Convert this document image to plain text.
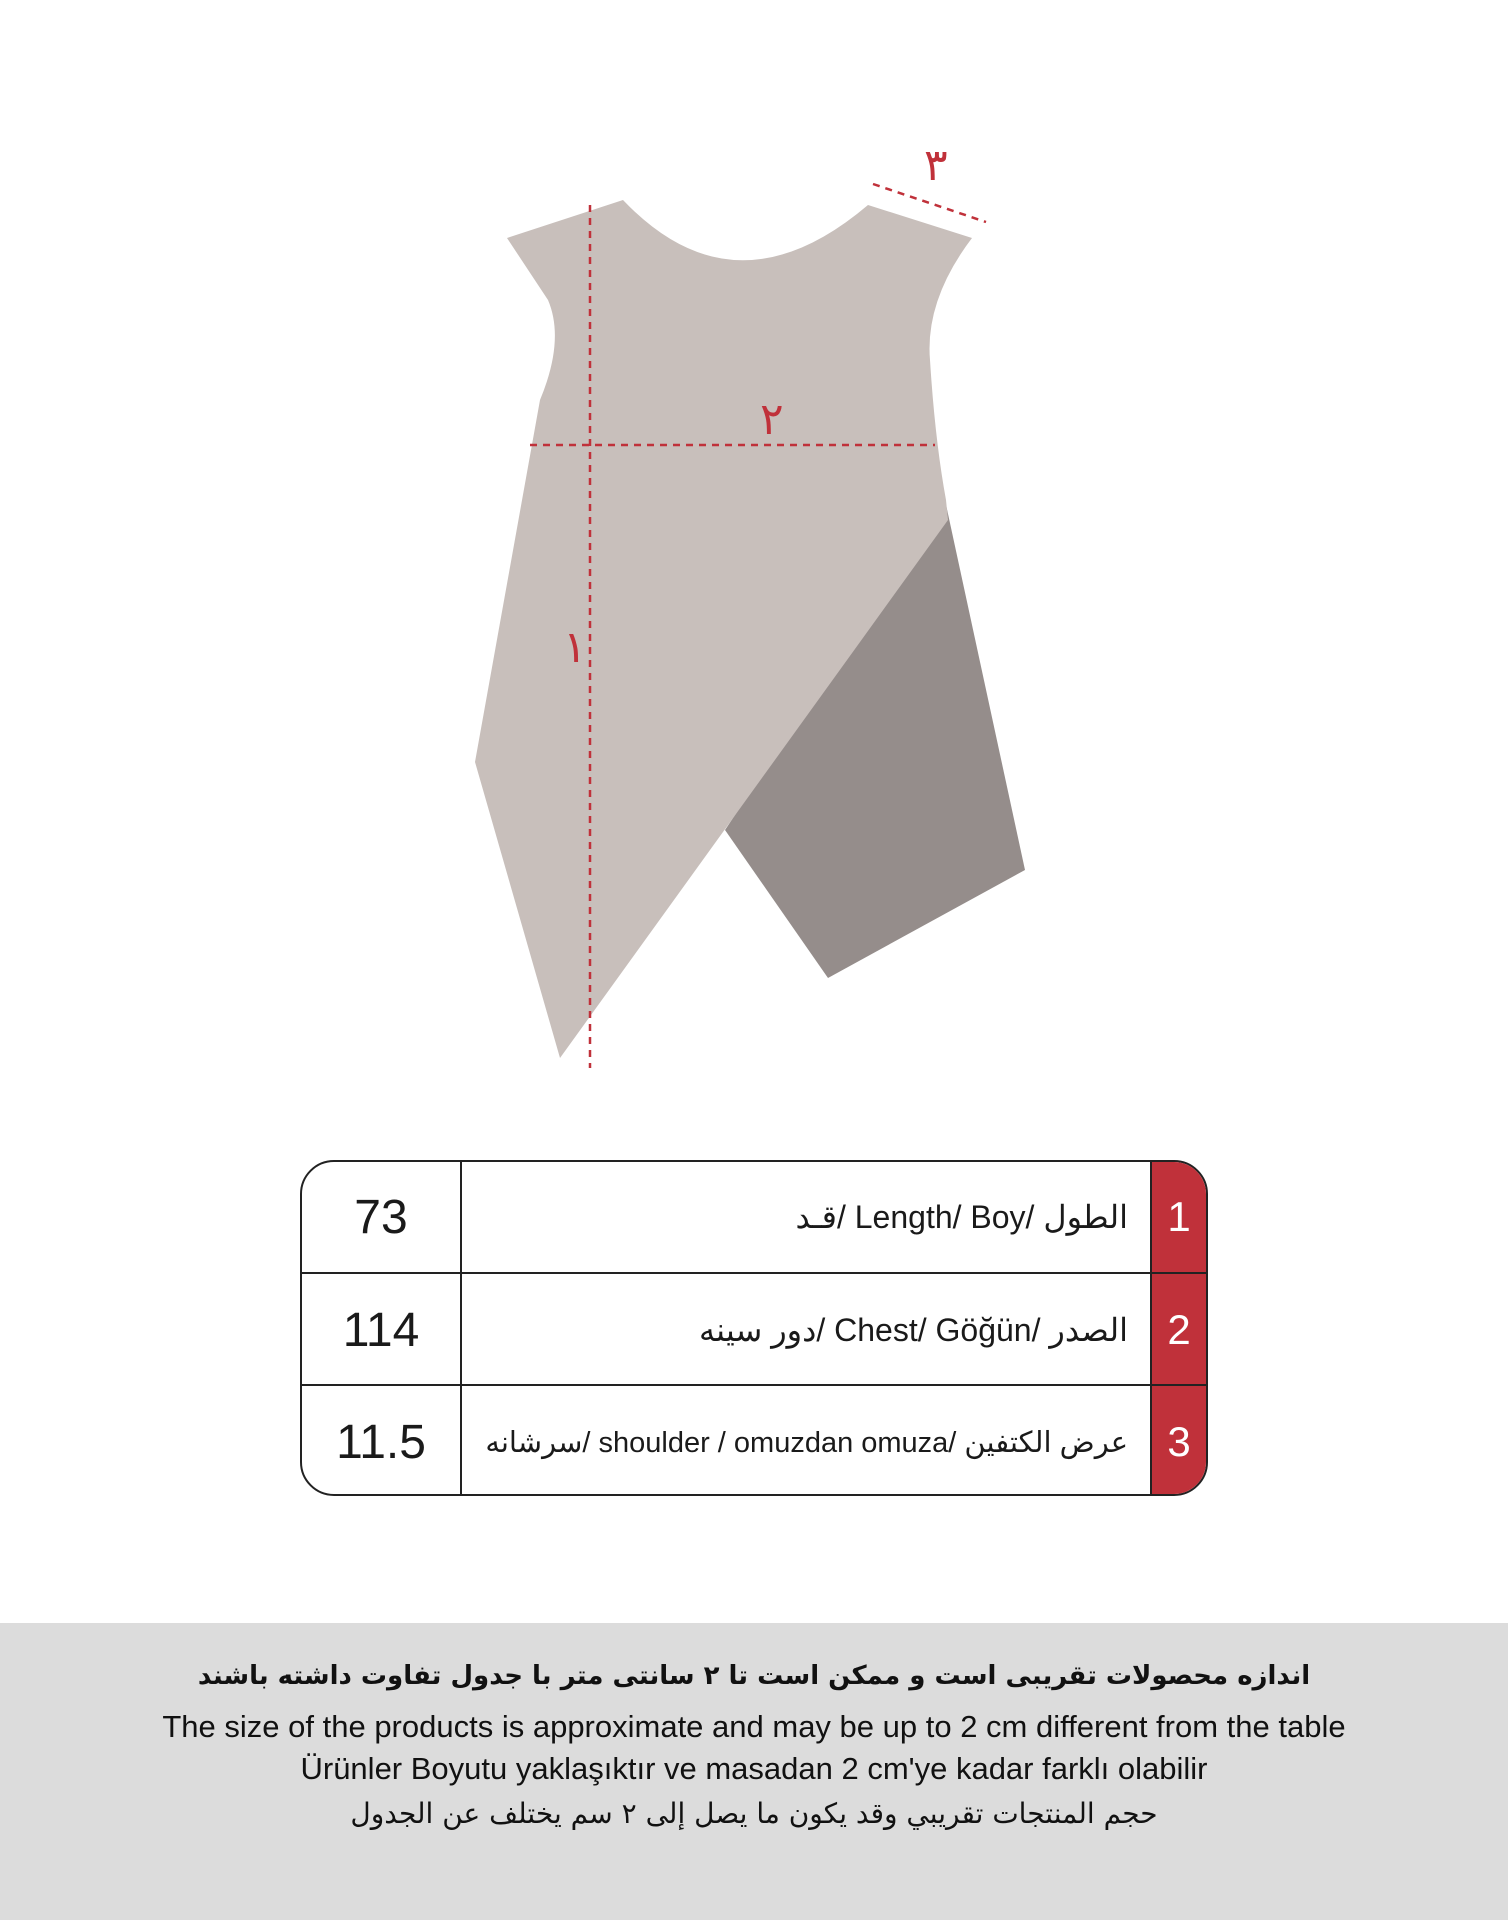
١
٢
٣
73	قـد/ Length/ Boy/ الطول 1
114	دور سینه/ Chest/ Göğün/ الصدر 2
11.5	سرشانه/ shoulder / omuzdan omuza/ عرض الكتفين 3
اندازه محصولات تقریبی است و ممکن است تا ۲ سانتی متر با جدول تفاوت داشته باشند
The size of the products is approximate and may be up to 2 cm different from the table
Ürünler Boyutu yaklaşıktır ve masadan 2 cm'ye kadar farklı olabilir
حجم المنتجات تقريبي وقد يكون ما يصل إلى ٢ سم يختلف عن الجدول
